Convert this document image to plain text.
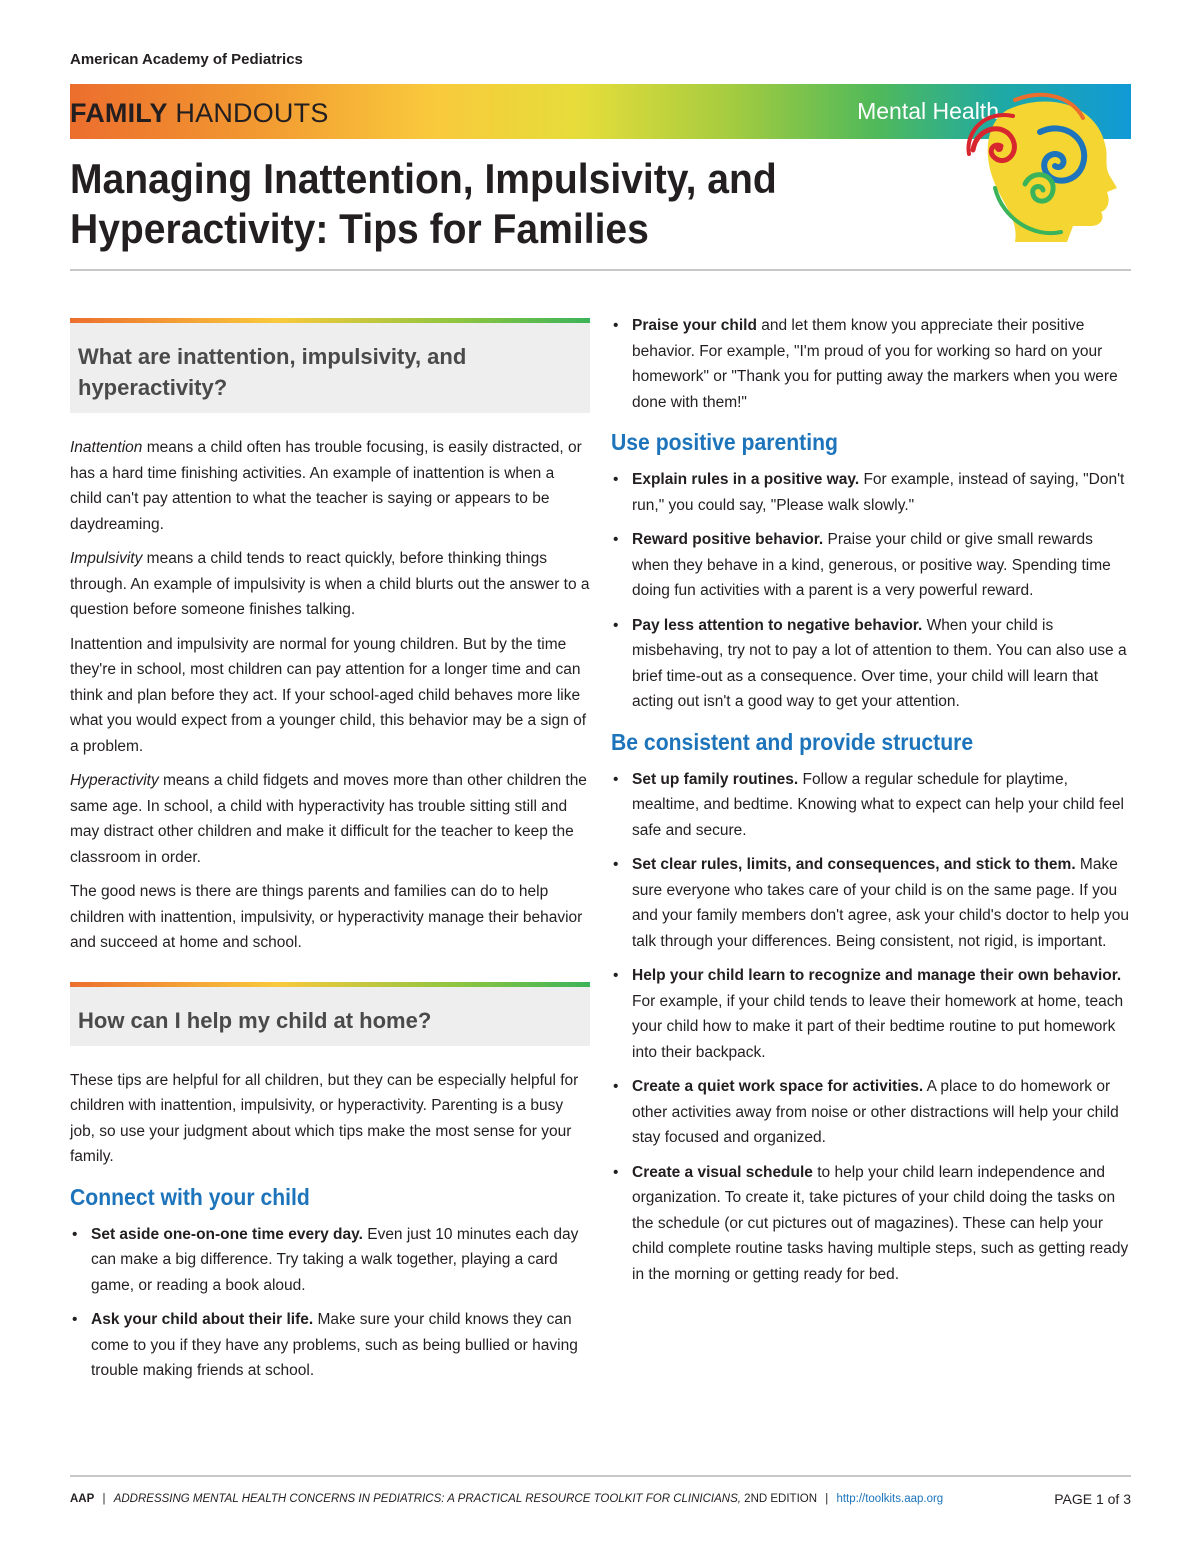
American Academy of Pediatrics
FAMILY HANDOUTS	Mental Health
Managing Inattention, Impulsivity, and
Hyperactivity: Tips for Families
What are inattention, impulsivity, and hyperactivity?

Inattention means a child often has trouble focusing, is easily distracted, or has a hard time finishing activities. An example of inattention is when a child can't pay attention to what the teacher is saying or appears to be daydreaming.

Impulsivity means a child tends to react quickly, before thinking things through. An example of impulsivity is when a child blurts out the answer to a question before someone finishes talking.

Inattention and impulsivity are normal for young children. But by the time they're in school, most children can pay attention for a longer time and can think and plan before they act. If your school-aged child behaves more like what you would expect from a younger child, this behavior may be a sign of a problem.

Hyperactivity means a child fidgets and moves more than other children the same age. In school, a child with hyperactivity has trouble sitting still and may distract other children and make it difficult for the teacher to keep the classroom in order.

The good news is there are things parents and families can do to help children with inattention, impulsivity, or hyperactivity manage their behavior and succeed at home and school.

How can I help my child at home?

These tips are helpful for all children, but they can be especially helpful for children with inattention, impulsivity, or hyperactivity. Parenting is a busy job, so use your judgment about which tips make the most sense for your family.

Connect with your child
• Set aside one-on-one time every day. Even just 10 minutes each day can make a big difference. Try taking a walk together, playing a card game, or reading a book aloud.
• Ask your child about their life. Make sure your child knows they can come to you if they have any problems, such as being bullied or having trouble making friends at school.
• Praise your child and let them know you appreciate their positive behavior. For example, "I'm proud of you for working so hard on your homework" or "Thank you for putting away the markers when you were done with them!"
Use positive parenting
• Explain rules in a positive way. For example, instead of saying, "Don't run," you could say, "Please walk slowly."
• Reward positive behavior. Praise your child or give small rewards when they behave in a kind, generous, or positive way. Spending time doing fun activities with a parent is a very powerful reward.
• Pay less attention to negative behavior. When your child is misbehaving, try not to pay a lot of attention to them. You can also use a brief time-out as a consequence. Over time, your child will learn that acting out isn't a good way to get your attention.
Be consistent and provide structure
• Set up family routines. Follow a regular schedule for playtime, mealtime, and bedtime. Knowing what to expect can help your child feel safe and secure.
• Set clear rules, limits, and consequences, and stick to them. Make sure everyone who takes care of your child is on the same page. If you and your family members don't agree, ask your child's doctor to help you talk through your differences. Being consistent, not rigid, is important.
• Help your child learn to recognize and manage their own behavior. For example, if your child tends to leave their homework at home, teach your child how to make it part of their bedtime routine to put homework into their backpack.
• Create a quiet work space for activities. A place to do homework or other activities away from noise or other distractions will help your child stay focused and organized.
• Create a visual schedule to help your child learn independence and organization. To create it, take pictures of your child doing the tasks on the schedule (or cut pictures out of magazines). These can help your child complete routine tasks having multiple steps, such as getting ready in the morning or getting ready for bed.
AAP | ADDRESSING MENTAL HEALTH CONCERNS IN PEDIATRICS: A PRACTICAL RESOURCE TOOLKIT FOR CLINICIANS, 2ND EDITION | http://toolkits.aap.org	PAGE 1 of 3
